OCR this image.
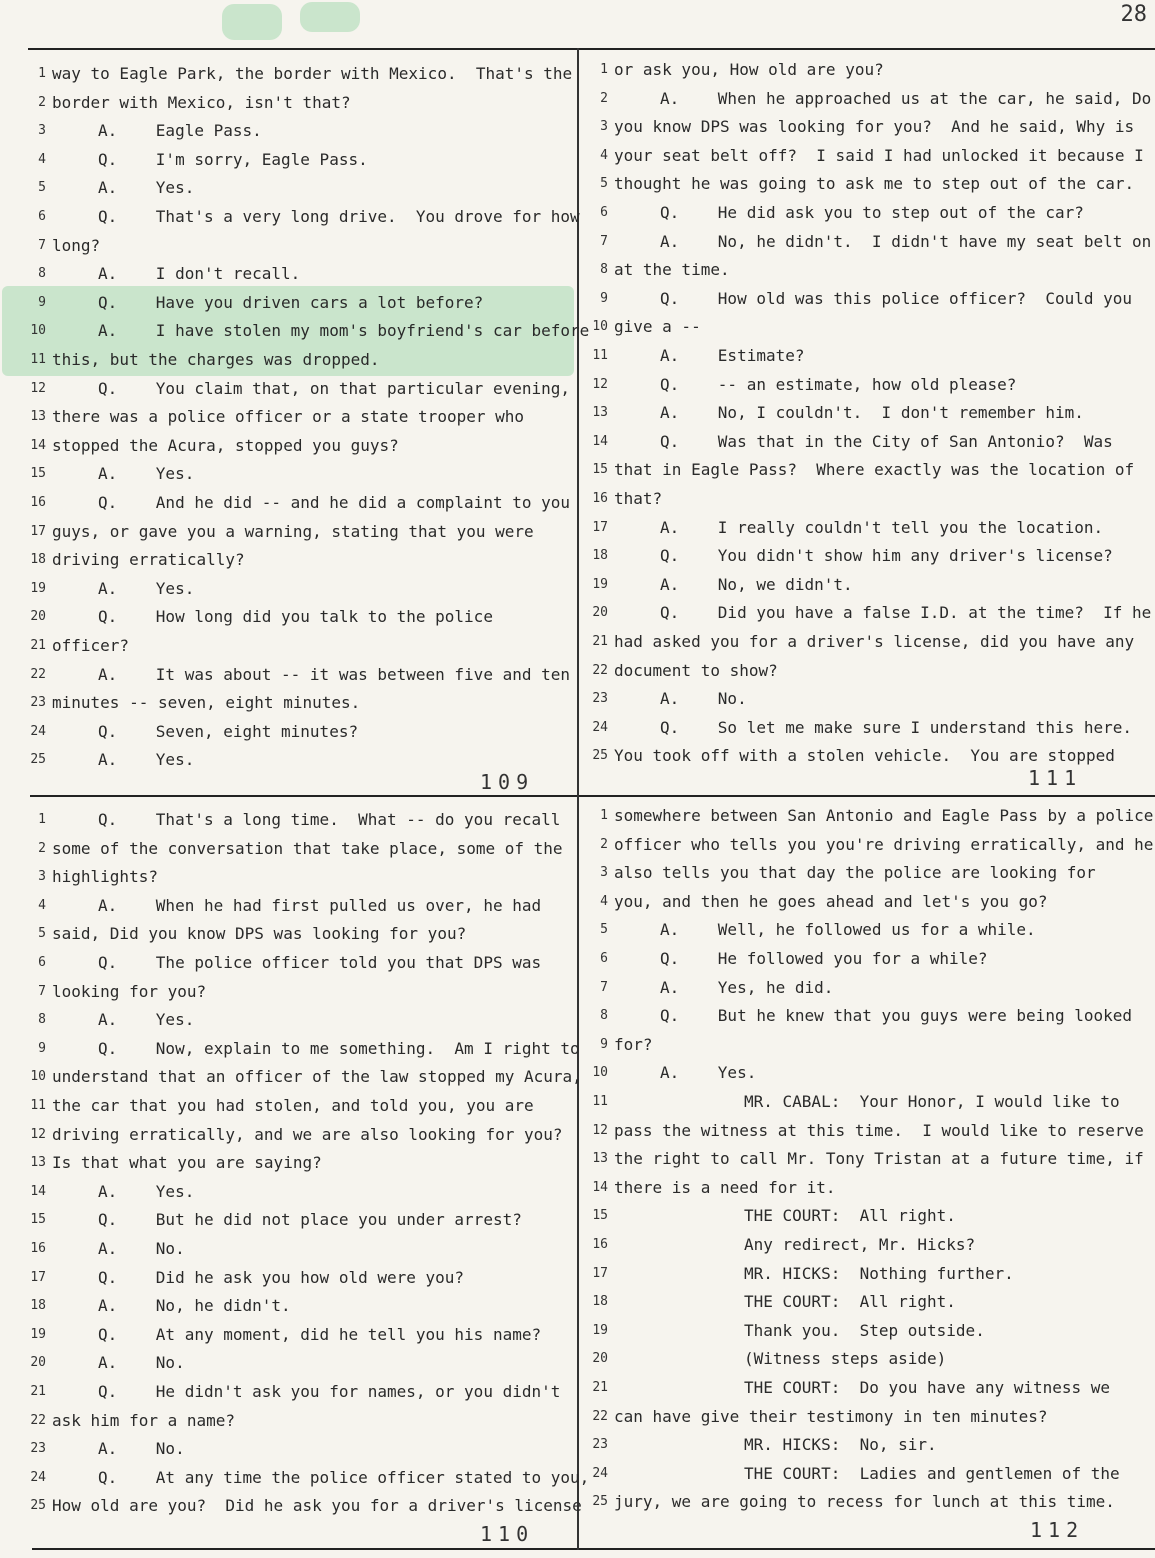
28
1 way to Eagle Park, the border with Mexico.  That's the
2 border with Mexico, isn't that?
3	A.    Eagle Pass.
4	Q.    I'm sorry, Eagle Pass.
5	A.    Yes.
6	Q.    That's a very long drive.  You drove for how
7 long?
8	A.    I don't recall.
9	Q.    Have you driven cars a lot before?
10	A.    I have stolen my mom's boyfriend's car before
11 this, but the charges was dropped.
12	Q.    You claim that, on that particular evening,
13 there was a police officer or a state trooper who
14 stopped the Acura, stopped you guys?
15	A.    Yes.
16	Q.    And he did -- and he did a complaint to you
17 guys, or gave you a warning, stating that you were
18 driving erratically?
19	A.    Yes.
20	Q.    How long did you talk to the police
21 officer?
22	A.    It was about -- it was between five and ten
23 minutes -- seven, eight minutes.
24	Q.    Seven, eight minutes?
25	A.    Yes.
1 or ask you, How old are you?
2	A.    When he approached us at the car, he said, Do
3 you know DPS was looking for you?  And he said, Why is
4 your seat belt off?  I said I had unlocked it because I
5 thought he was going to ask me to step out of the car.
6	Q.    He did ask you to step out of the car?
7	A.    No, he didn't.  I didn't have my seat belt on
8 at the time.
9	Q.    How old was this police officer?  Could you
10 give a --
11	A.    Estimate?
12	Q.    -- an estimate, how old please?
13	A.    No, I couldn't.  I don't remember him.
14	Q.    Was that in the City of San Antonio?  Was
15 that in Eagle Pass?  Where exactly was the location of
16 that?
17	A.    I really couldn't tell you the location.
18	Q.    You didn't show him any driver's license?
19	A.    No, we didn't.
20	Q.    Did you have a false I.D. at the time?  If he
21 had asked you for a driver's license, did you have any
22 document to show?
23	A.    No.
24	Q.    So let me make sure I understand this here.
25 You took off with a stolen vehicle.  You are stopped
1	Q.    That's a long time.  What -- do you recall
2 some of the conversation that take place, some of the
3 highlights?
4	A.    When he had first pulled us over, he had
5 said, Did you know DPS was looking for you?
6	Q.    The police officer told you that DPS was
7 looking for you?
8	A.    Yes.
9	Q.    Now, explain to me something.  Am I right to
10 understand that an officer of the law stopped my Acura,
11 the car that you had stolen, and told you, you are
12 driving erratically, and we are also looking for you?
13 Is that what you are saying?
14	A.    Yes.
15	Q.    But he did not place you under arrest?
16	A.    No.
17	Q.    Did he ask you how old were you?
18	A.    No, he didn't.
19	Q.    At any moment, did he tell you his name?
20	A.    No.
21	Q.    He didn't ask you for names, or you didn't
22 ask him for a name?
23	A.    No.
24	Q.    At any time the police officer stated to you,
25 How old are you?  Did he ask you for a driver's license
1 somewhere between San Antonio and Eagle Pass by a police
2 officer who tells you you're driving erratically, and he
3 also tells you that day the police are looking for
4 you, and then he goes ahead and let's you go?
5	A.    Well, he followed us for a while.
6	Q.    He followed you for a while?
7	A.    Yes, he did.
8	Q.    But he knew that you guys were being looked
9 for?
10	A.    Yes.
11	MR. CABAL:  Your Honor, I would like to
12 pass the witness at this time.  I would like to reserve
13 the right to call Mr. Tony Tristan at a future time, if
14 there is a need for it.
15	THE COURT:  All right.
16	Any redirect, Mr. Hicks?
17	MR. HICKS:  Nothing further.
18	THE COURT:  All right.
19	Thank you.  Step outside.
20	(Witness steps aside)
21	THE COURT:  Do you have any witness we
22 can have give their testimony in ten minutes?
23	MR. HICKS:  No, sir.
24	THE COURT:  Ladies and gentlemen of the
25 jury, we are going to recess for lunch at this time.
109	111
110	112
